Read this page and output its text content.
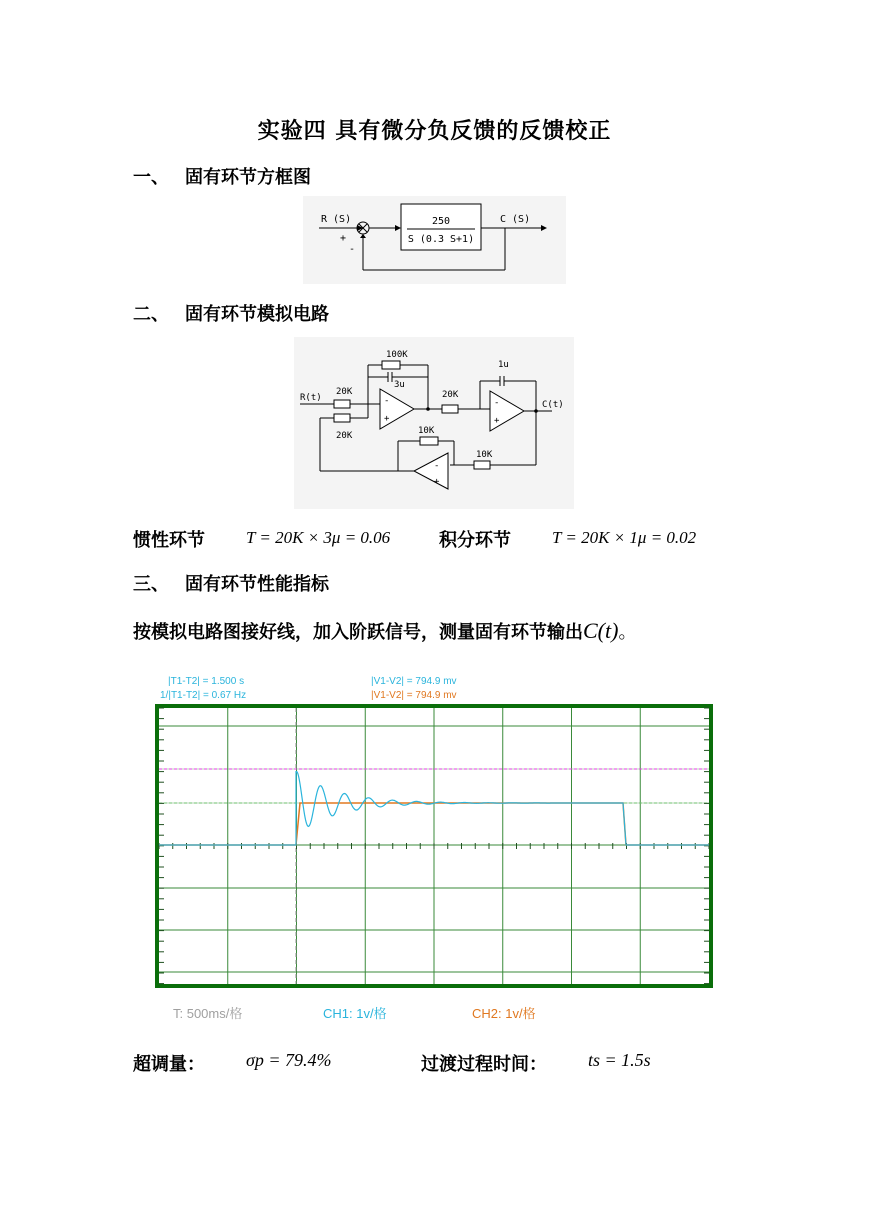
实验四 具有微分负反馈的反馈校正
一、 固有环节方框图
R (S)
+
-
250
S (0.3 S+1)
C (S)
二、 固有环节模拟电路
R(t)
20K
20K
-
+
100K
3u
20K
-
+
1u
C(t)
10K
-
+
10K
惯性环节 T = 20K × 3μ = 0.06	积分环节 T = 20K × 1μ = 0.02
三、 固有环节性能指标
按模拟电路图接好线，加入阶跃信号，测量固有环节输出C(t)。
|T1-T2| = 1.500 s
1/|T1-T2| = 0.67 Hz
|V1-V2| = 794.9 mv
|V1-V2| = 794.9 mv
T: 500ms/格	CH1: 1v/格	CH2: 1v/格
超调量： σp = 79.4%	过渡过程时间： ts = 1.5s
